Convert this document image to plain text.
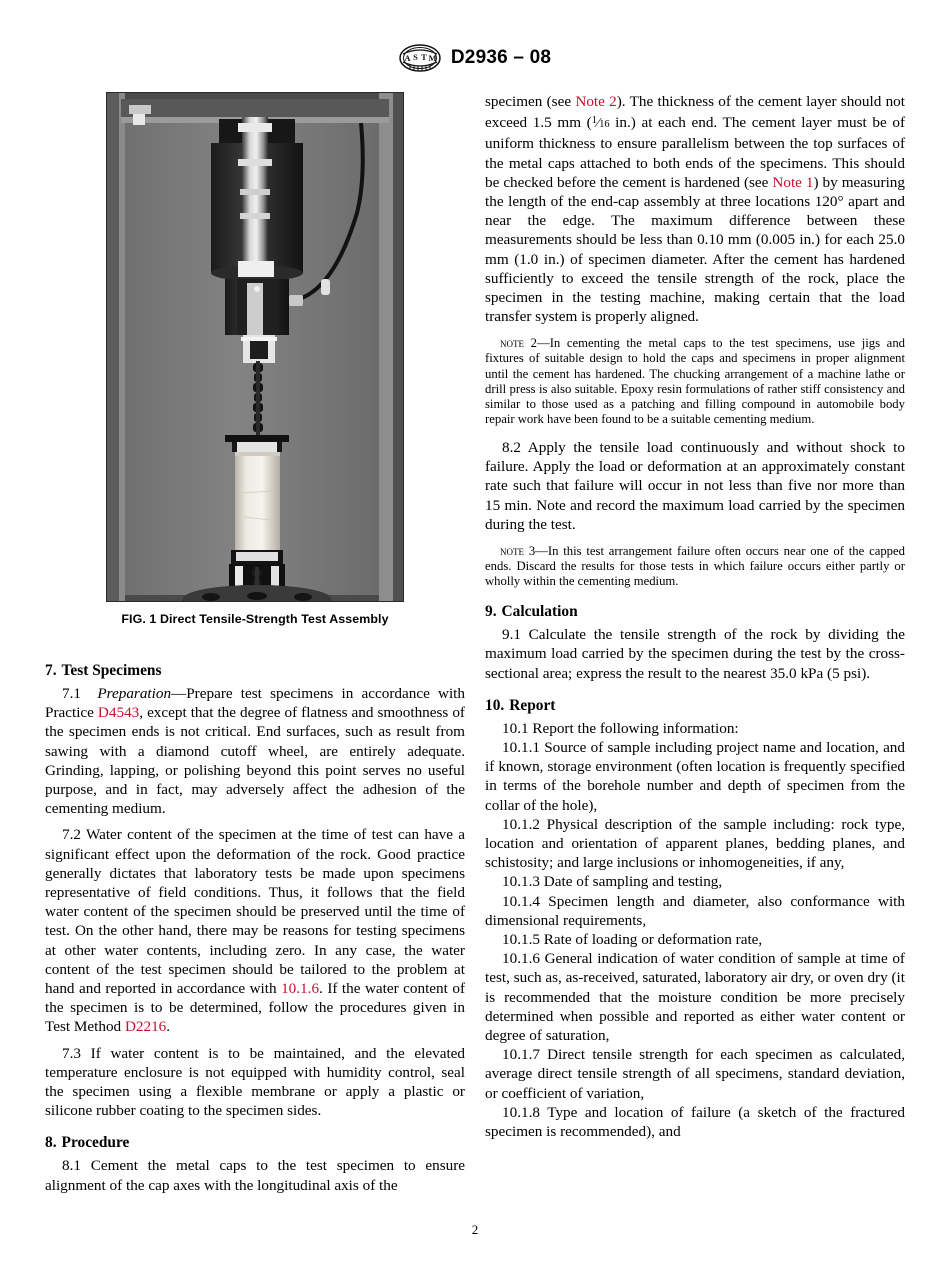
A S T M D2936 – 08
FIG. 1 Direct Tensile-Strength Test Assembly
7. Test Specimens

7.1 Preparation—Prepare test specimens in accordance with Practice D4543, except that the degree of flatness and smoothness of the specimen ends is not critical. End surfaces, such as result from sawing with a diamond cutoff wheel, are entirely adequate. Grinding, lapping, or polishing beyond this point serves no useful purpose, and in fact, may adversely affect the adhesion of the cementing medium.

7.2 Water content of the specimen at the time of test can have a significant effect upon the deformation of the rock. Good practice generally dictates that laboratory tests be made upon specimens representative of field conditions. Thus, it follows that the field water content of the specimen should be preserved until the time of test. On the other hand, there may be reasons for testing specimens at other water contents, including zero. In any case, the water content of the test specimen should be tailored to the problem at hand and reported in accordance with 10.1.6. If the water content of the specimen is to be determined, follow the procedures given in Test Method D2216.

7.3 If water content is to be maintained, and the elevated temperature enclosure is not equipped with humidity control, seal the specimen using a flexible membrane or apply a plastic or silicone rubber coating to the specimen sides.

8. Procedure

8.1 Cement the metal caps to the test specimen to ensure alignment of the cap axes with the longitudinal axis of the

specimen (see Note 2). The thickness of the cement layer should not exceed 1.5 mm ($^1$⁄16 in.) at each end. The cement layer must be of uniform thickness to ensure parallelism between the top surfaces of the metal caps attached to both ends of the specimens. This should be checked before the cement is hardened (see Note 1) by measuring the length of the end-cap assembly at three locations 120° apart and near the edge. The maximum difference between these measurements should be less than 0.10 mm (0.005 in.) for each 25.0 mm (1.0 in.) of specimen diameter. After the cement has hardened sufficiently to exceed the tensile strength of the rock, place the specimen in the testing machine, making certain that the load transfer system is properly aligned.

note 2—In cementing the metal caps to the test specimens, use jigs and fixtures of suitable design to hold the caps and specimens in proper alignment until the cement has hardened. The chucking arrangement of a machine lathe or drill press is also suitable. Epoxy resin formulations of rather stiff consistency and similar to those used as a patching and filling compound in automobile body repair work have been found to be a suitable cementing medium.

8.2 Apply the tensile load continuously and without shock to failure. Apply the load or deformation at an approximately constant rate such that failure will occur in not less than five nor more than 15 min. Note and record the maximum load carried by the specimen during the test.

note 3—In this test arrangement failure often occurs near one of the capped ends. Discard the results for those tests in which failure occurs either partly or wholly within the cementing medium.

9. Calculation

9.1 Calculate the tensile strength of the rock by dividing the maximum load carried by the specimen during the test by the cross-sectional area; express the result to the nearest 35.0 kPa (5 psi).

10. Report

10.1 Report the following information:

10.1.1 Source of sample including project name and location, and if known, storage environment (often location is frequently specified in terms of the borehole number and depth of specimen from the collar of the hole),

10.1.2 Physical description of the sample including: rock type, location and orientation of apparent planes, bedding planes, and schistosity; and large inclusions or inhomogeneities, if any,

10.1.3 Date of sampling and testing,

10.1.4 Specimen length and diameter, also conformance with dimensional requirements,

10.1.5 Rate of loading or deformation rate,

10.1.6 General indication of water condition of sample at time of test, such as, as-received, saturated, laboratory air dry, or oven dry (it is recommended that the moisture condition be more precisely determined when possible and reported as either water content or degree of saturation,

10.1.7 Direct tensile strength for each specimen as calculated, average direct tensile strength of all specimens, standard deviation, or coefficient of variation,

10.1.8 Type and location of failure (a sketch of the fractured specimen is recommended), and

2
